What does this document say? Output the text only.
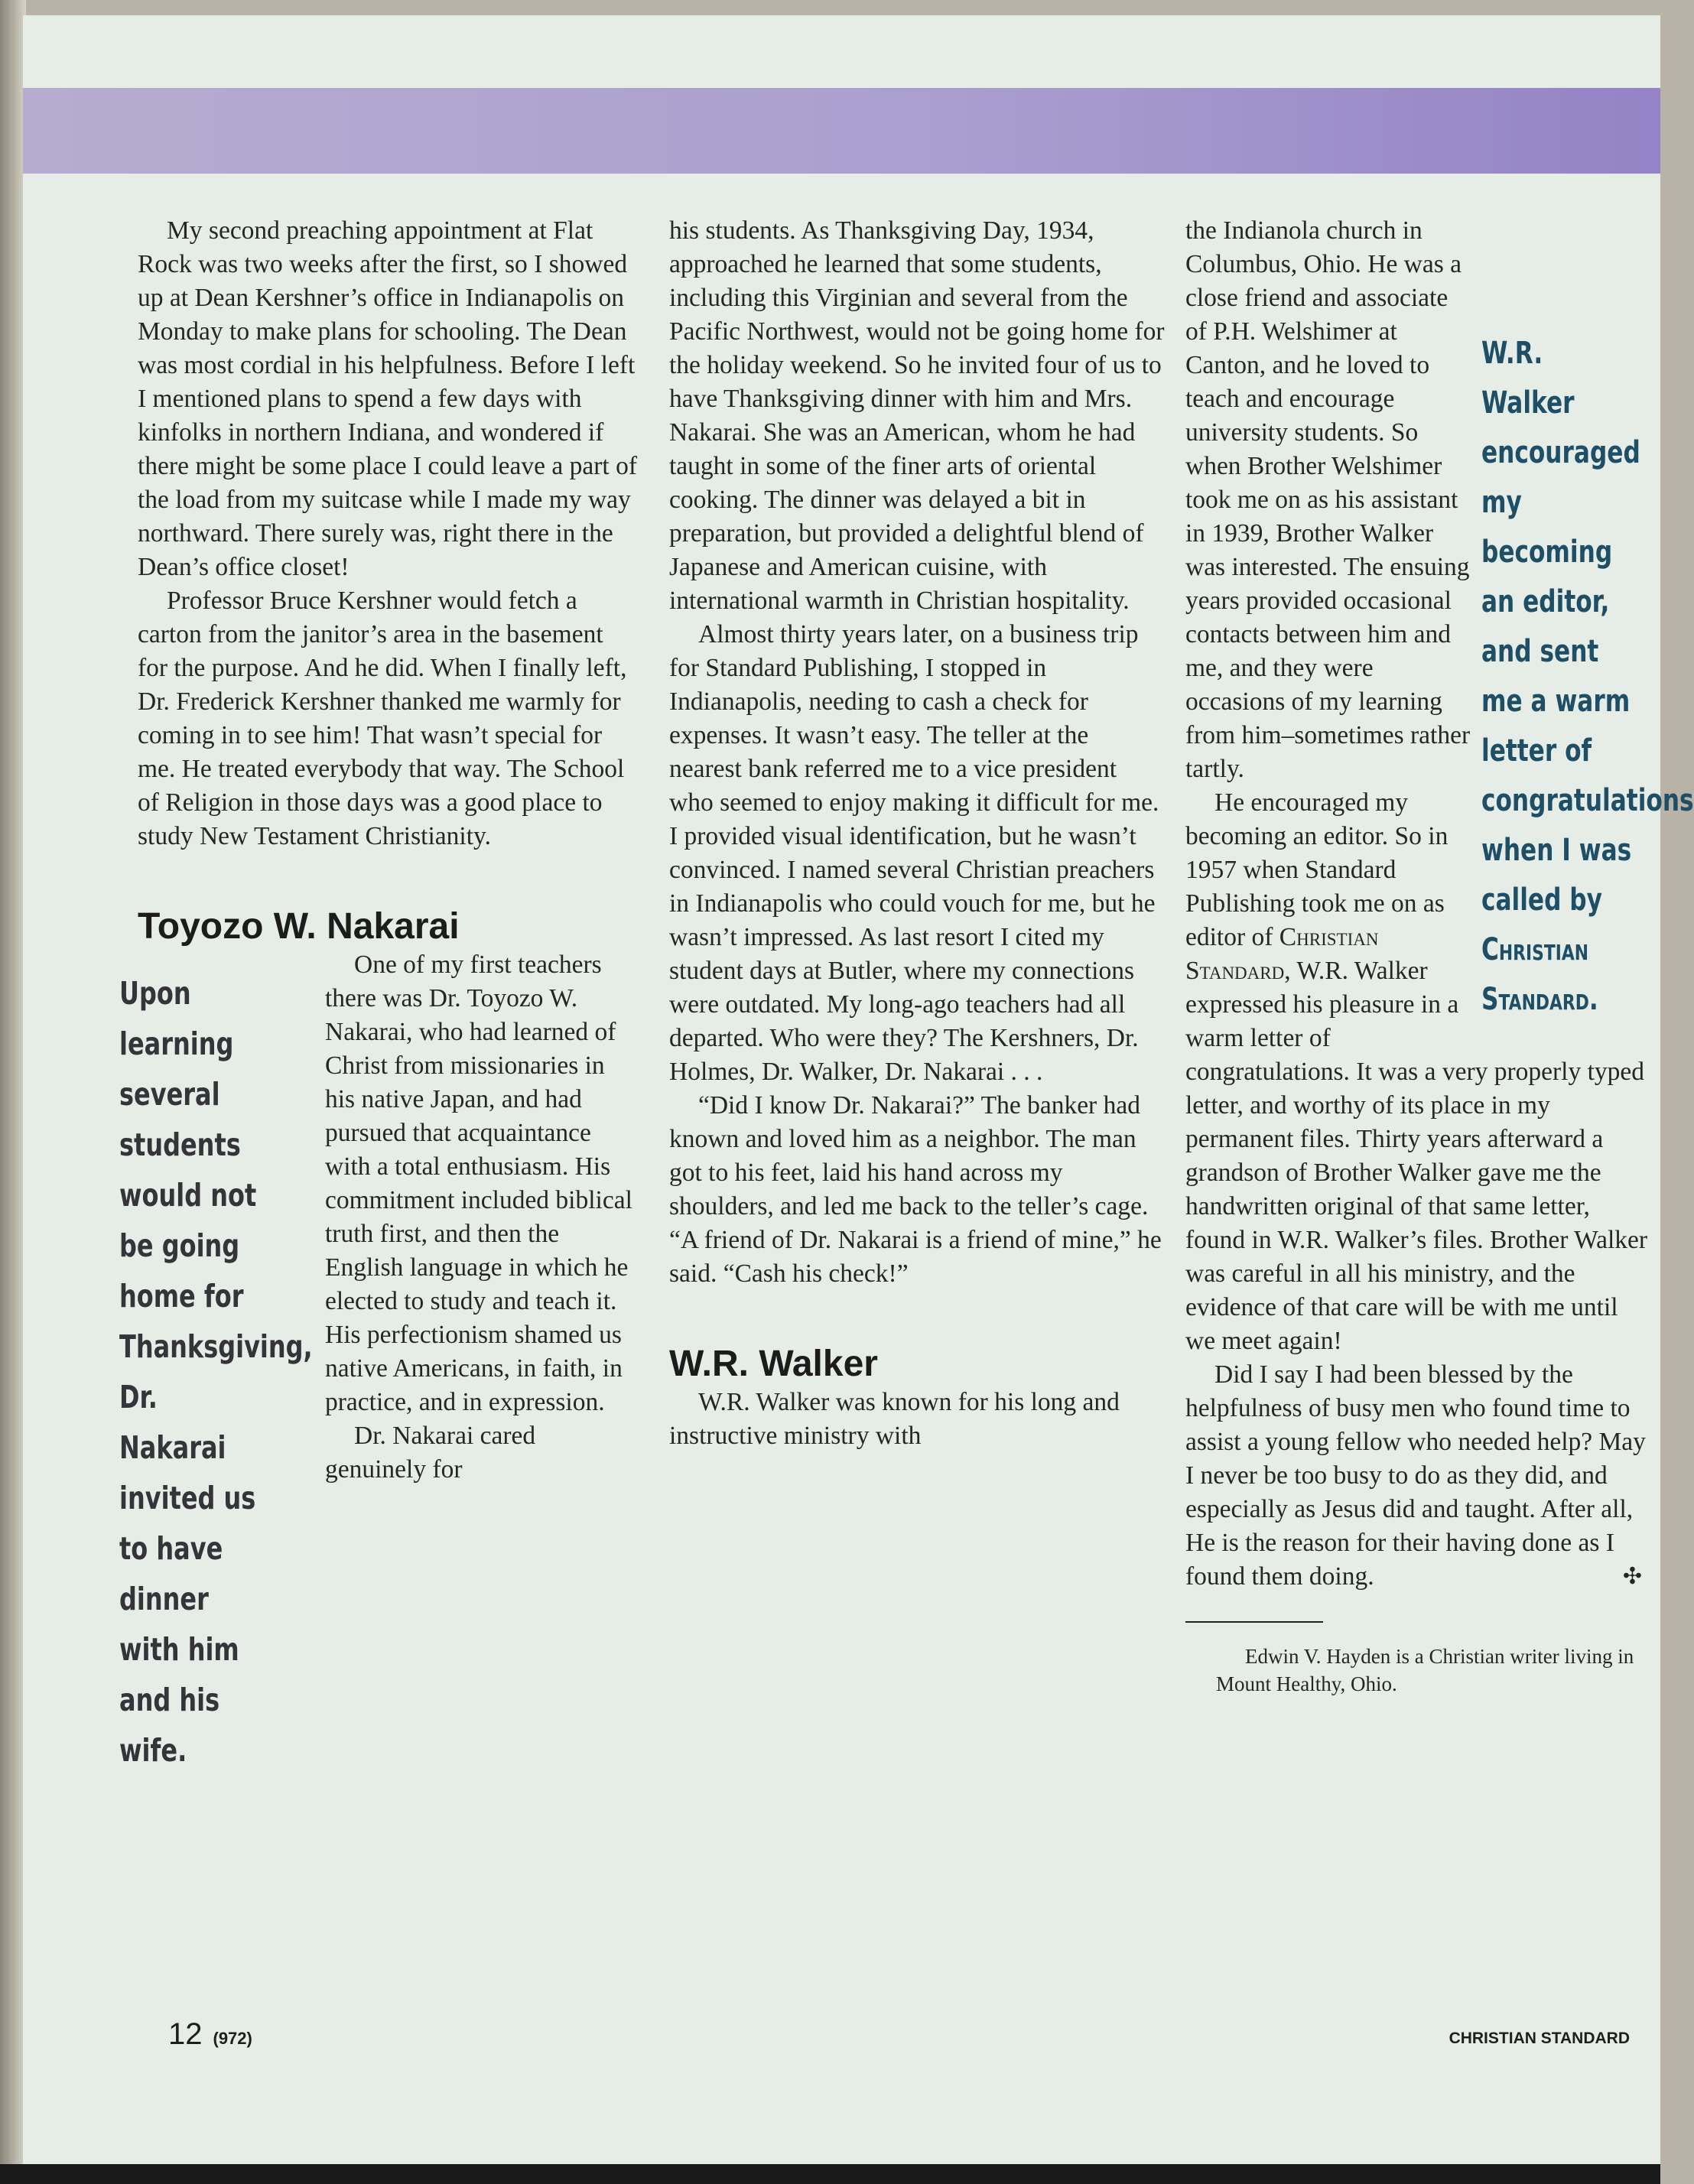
My second preaching appointment at Flat Rock was two weeks after the first, so I showed up at Dean Kershner’s office in Indianapolis on Monday to make plans for schooling. The Dean was most cordial in his helpfulness. Before I left I mentioned plans to spend a few days with kinfolks in northern Indiana, and wondered if there might be some place I could leave a part of the load from my suitcase while I made my way northward. There surely was, right there in the Dean’s office closet!

Professor Bruce Kershner would fetch a carton from the janitor’s area in the basement for the purpose. And he did. When I finally left, Dr. Frederick Kershner thanked me warmly for coming in to see him! That wasn’t special for me. He treated everybody that way. The School of Religion in those days was a good place to study New Testament Christianity.

Toyozo W. Nakarai
Upon learning several students would not be going home for Thanksgiving, Dr. Nakarai invited us to have dinner with him and his wife.

One of my first teachers there was Dr. Toyozo W. Nakarai, who had learned of Christ from missionaries in his native Japan, and had pursued that acquaintance with a total enthusiasm. His commitment included biblical truth first, and then the English language in which he elected to study and teach it. His perfectionism shamed us native Americans, in faith, in practice, and in expression.

Dr. Nakarai cared genuinely for

his students. As Thanksgiving Day, 1934, approached he learned that some students, including this Virginian and several from the Pacific Northwest, would not be going home for the holiday weekend. So he invited four of us to have Thanksgiving dinner with him and Mrs. Nakarai. She was an American, whom he had taught in some of the finer arts of oriental cooking. The dinner was delayed a bit in preparation, but provided a delightful blend of Japanese and American cuisine, with international warmth in Christian hospitality.

Almost thirty years later, on a business trip for Standard Publishing, I stopped in Indianapolis, needing to cash a check for expenses. It wasn’t easy. The teller at the nearest bank referred me to a vice president who seemed to enjoy making it difficult for me. I provided visual identification, but he wasn’t convinced. I named several Christian preachers in Indianapolis who could vouch for me, but he wasn’t impressed. As last resort I cited my student days at Butler, where my connections were outdated. My long-ago teachers had all departed. Who were they? The Kershners, Dr. Holmes, Dr. Walker, Dr. Nakarai . . .

“Did I know Dr. Nakarai?” The banker had known and loved him as a neighbor. The man got to his feet, laid his hand across my shoulders, and led me back to the teller’s cage. “A friend of Dr. Nakarai is a friend of mine,” he said. “Cash his check!”

W.R. Walker

W.R. Walker was known for his long and instructive ministry with

W.R. Walker encouraged my becoming an editor, and sent me a warm letter of congratulations when I was called by Christian Standard.

the Indianola church in Columbus, Ohio. He was a close friend and associate of P.H. Welshimer at Canton, and he loved to teach and encourage university students. So when Brother Welshimer took me on as his assistant in 1939, Brother Walker was interested. The ensuing years provided occasional contacts between him and me, and they were occasions of my learning from him–sometimes rather tartly.

He encouraged my becoming an editor. So in 1957 when Standard Publishing took me on as editor of Christian Standard, W.R. Walker expressed his pleasure in a warm letter of congratulations. It was a very properly typed letter, and worthy of its place in my permanent files. Thirty years afterward a grandson of Brother Walker gave me the handwritten original of that same letter, found in W.R. Walker’s files. Brother Walker was careful in all his ministry, and the evidence of that care will be with me until we meet again!

Did I say I had been blessed by the helpfulness of busy men who found time to assist a young fellow who needed help? May I never be too busy to do as they did, and especially as Jesus did and taught. After all, He is the reason for their having done as I found them doing.	✣

Edwin V. Hayden is a Christian writer living in Mount Healthy, Ohio.

12 (972)	CHRISTIAN STANDARD
